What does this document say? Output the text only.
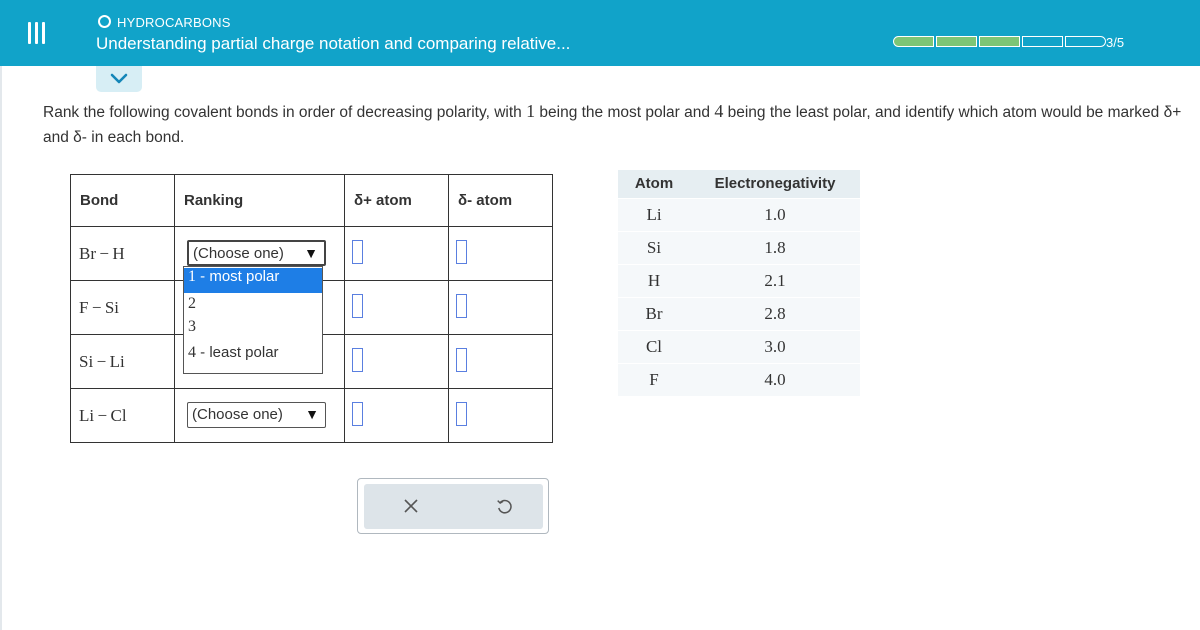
HYDROCARBONS
Understanding partial charge notation and comparing relative...	3/5
Rank the following covalent bonds in order of decreasing polarity, with 1 being the most polar and 4 being the least polar, and identify which atom would be marked δ+ and δ- in each bond.
Bond	Ranking	δ+ atom	δ- atom
Br − H	(Choose one) ▼		

F − Si		

Si − Li		

Li − Cl	(Choose one) ▼		

1 - most polar
2
3
4 - least polar
Atom	Electronegativity
Li	1.0
Si	1.8
H	2.1
Br	2.8
Cl	3.0
F	4.0
